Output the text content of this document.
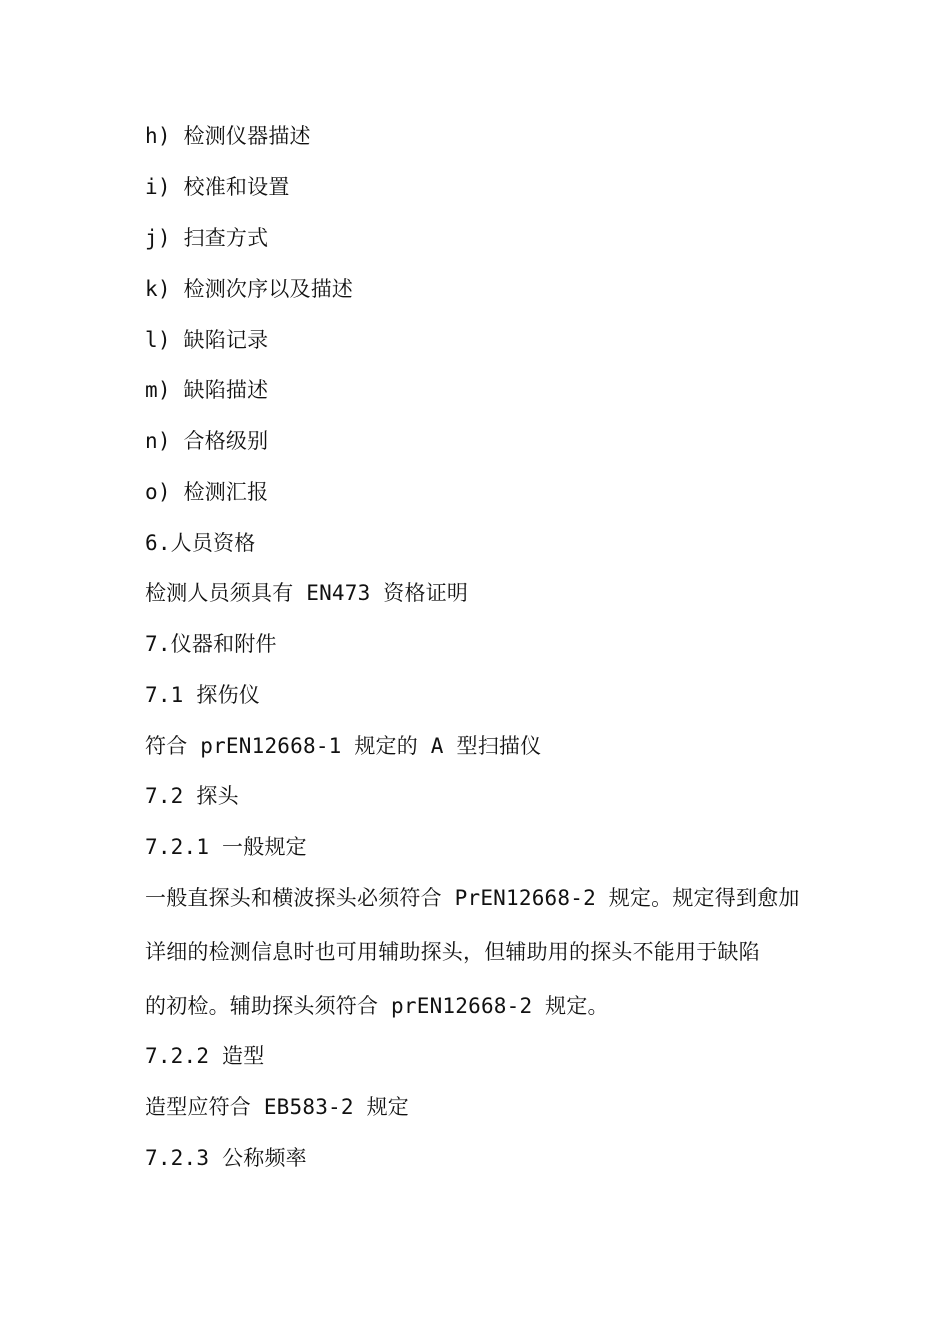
h) 检测仪器描述
i) 校准和设置
j) 扫查方式
k) 检测次序以及描述
l) 缺陷记录
m) 缺陷描述
n) 合格级别
o) 检测汇报
6.人员资格
检测人员须具有 EN473 资格证明
7.仪器和附件
7.1 探伤仪
符合 prEN12668-1 规定的 A 型扫描仪
7.2 探头
7.2.1 一般规定
一般直探头和横波探头必须符合 PrEN12668-2 规定。规定得到愈加
详细的检测信息时也可用辅助探头，但辅助用的探头不能用于缺陷
的初检。辅助探头须符合 prEN12668-2 规定。
7.2.2 造型
造型应符合 EB583-2 规定
7.2.3 公称频率
